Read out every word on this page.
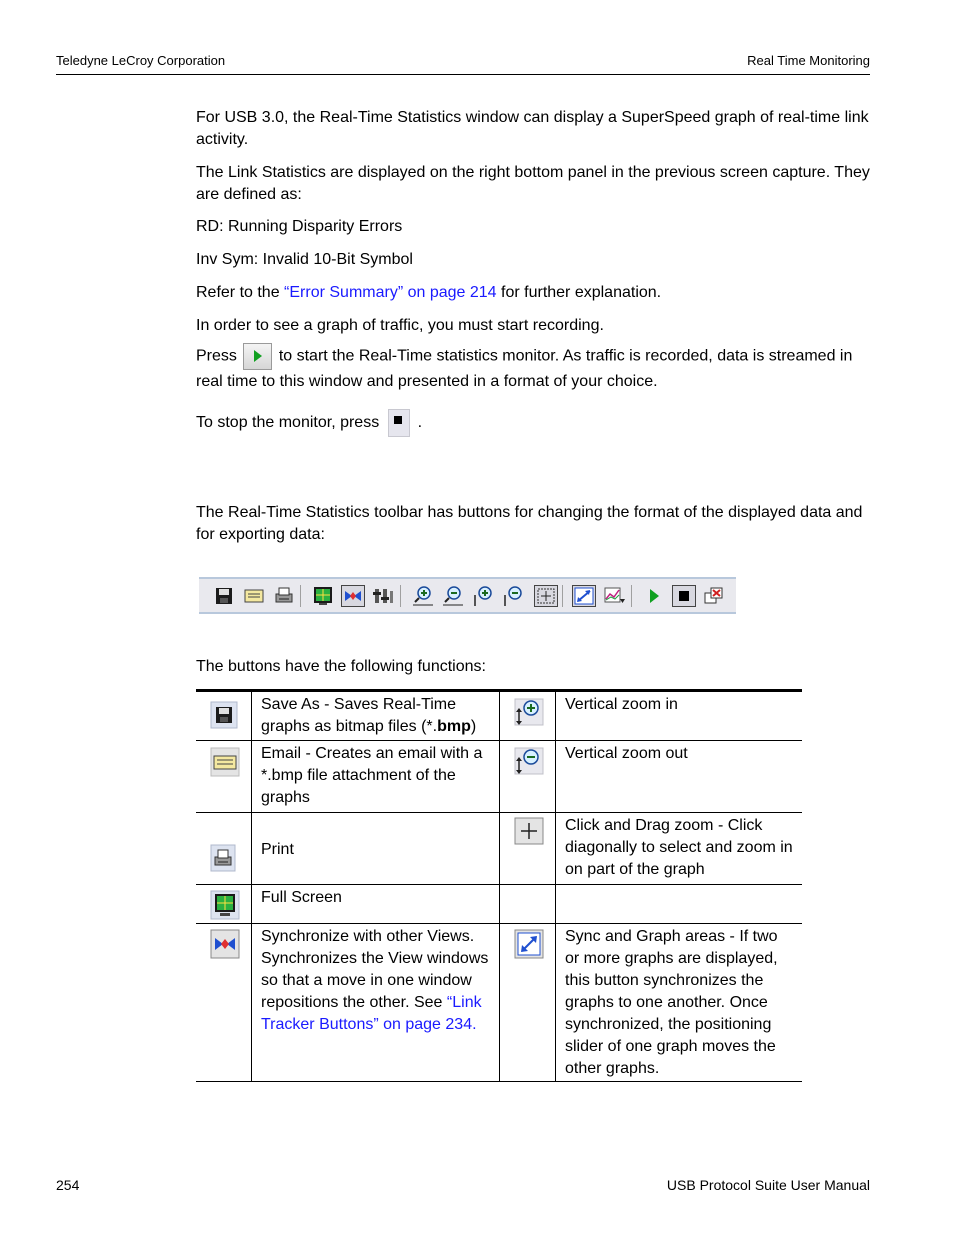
Teledyne LeCroy Corporation	Real Time Monitoring

For USB 3.0, the Real-Time Statistics window can display a SuperSpeed graph of real-time link activity.

The Link Statistics are displayed on the right bottom panel in the previous screen capture. They are defined as:

RD: Running Disparity Errors

Inv Sym: Invalid 10-Bit Symbol

Refer to the “Error Summary” on page 214 for further explanation.

In order to see a graph of traffic, you must start recording.

Press	to start the Real-Time statistics monitor. As traffic is recorded, data is streamed in real time to this window and presented in a format of your choice.

To stop the monitor, press .

The Real-Time Statistics toolbar has buttons for changing the format of the displayed data and for exporting data:

The buttons have the following functions:

	Save As - Saves Real-Time graphs as bitmap files (*.bmp)		Vertical zoom in

	Email - Creates an email with a *.bmp file attachment of the graphs		Vertical zoom out

	Print		Click and Drag zoom - Click diagonally to select and zoom in on part of the graph

	Full Screen		

	Synchronize with other Views. Synchronizes the View windows so that a move in one window repositions the other. See “Link Tracker Buttons” on page 234.		Sync and Graph areas - If two or more graphs are displayed, this button synchronizes the graphs to one another. Once synchronized, the positioning slider of one graph moves the other graphs.
254	USB Protocol Suite User Manual
